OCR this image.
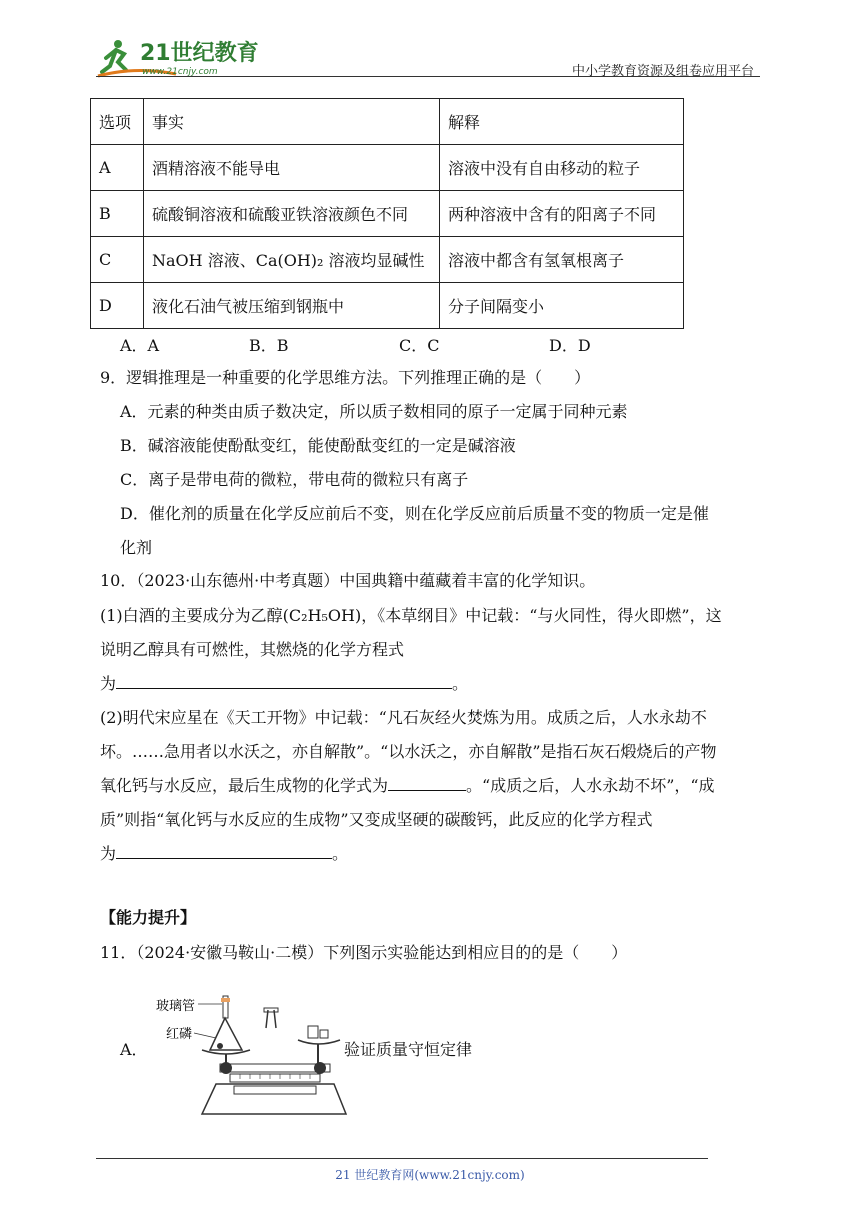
21世纪教育
www.21cnjy.com	中小学教育资源及组卷应用平台
选项	事实	解释
A	酒精溶液不能导电	溶液中没有自由移动的粒子
B	硫酸铜溶液和硫酸亚铁溶液颜色不同	两种溶液中含有的阳离子不同
C	NaOH 溶液、Ca(OH)₂ 溶液均显碱性	溶液中都含有氢氧根离子
D	液化石油气被压缩到钢瓶中	分子间隔变小
A．A	B．B	C．C	D．D
9．逻辑推理是一种重要的化学思维方法。下列推理正确的是（　　）
A．元素的种类由质子数决定，所以质子数相同的原子一定属于同种元素
B．碱溶液能使酚酞变红，能使酚酞变红的一定是碱溶液
C．离子是带电荷的微粒，带电荷的微粒只有离子
D．催化剂的质量在化学反应前后不变，则在化学反应前后质量不变的物质一定是催
化剂
10．（2023·山东德州·中考真题）中国典籍中蕴藏着丰富的化学知识。
(1)白酒的主要成分为乙醇(C₂H₅OH)，《本草纲目》中记载：“与火同性，得火即燃”，这
说明乙醇具有可燃性，其燃烧的化学方程式
为	。
(2)明代宋应星在《天工开物》中记载：“凡石灰经火焚炼为用。成质之后，人水永劫不
坏。……急用者以水沃之，亦自解散”。“以水沃之，亦自解散”是指石灰石煅烧后的产物
氧化钙与水反应，最后生成物的化学式为	。“成质之后，人水永劫不坏”，“成
质”则指“氧化钙与水反应的生成物”又变成坚硬的碳酸钙，此反应的化学方程式
为	。
【能力提升】
11．（2024·安徽马鞍山·二模）下列图示实验能达到相应目的的是（　　）
A．
玻璃管
红磷
验证质量守恒定律
21 世纪教育网(www.21cnjy.com)
